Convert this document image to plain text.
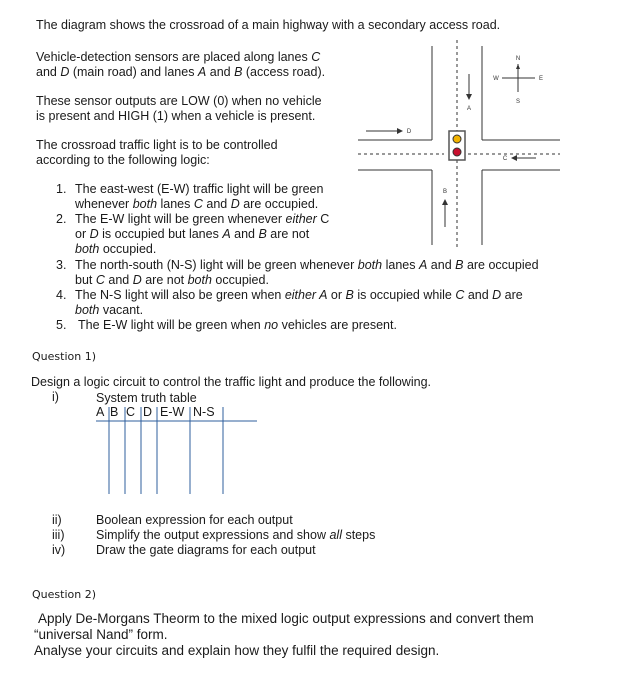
The diagram shows the crossroad of a main highway with a secondary access road.
Vehicle-detection sensors are placed along lanes C
and D (main road) and lanes A and B (access road).
These sensor outputs are LOW (0) when no vehicle
is present and HIGH (1) when a vehicle is present.
The crossroad traffic light is to be controlled
according to the following logic:
1. The east-west (E-W) traffic light will be green
whenever both lanes C and D are occupied.
2. The E-W light will be green whenever either C
or D is occupied but lanes A and B are not
both occupied.
3. The north-south (N-S) light will be green whenever both lanes A and B are occupied
but C and D are not both occupied.
4. The N-S light will also be green when either A or B is occupied while C and D are
both vacant.
5. The E-W light will be green when no vehicles are present.
N
S
W	E
A
B
D
C
Question 1)
Design a logic circuit to control the traffic light and produce the following.
i)	System truth table
A B C D E-W N-S
ii)	Boolean expression for each output
iii)	Simplify the output expressions and show all steps
iv) Draw the gate diagrams for each output
Question 2)
Apply De-Morgans Theorm to the mixed logic output expressions and convert them
“universal Nand” form.
Analyse your circuits and explain how they fulfil the required design.
